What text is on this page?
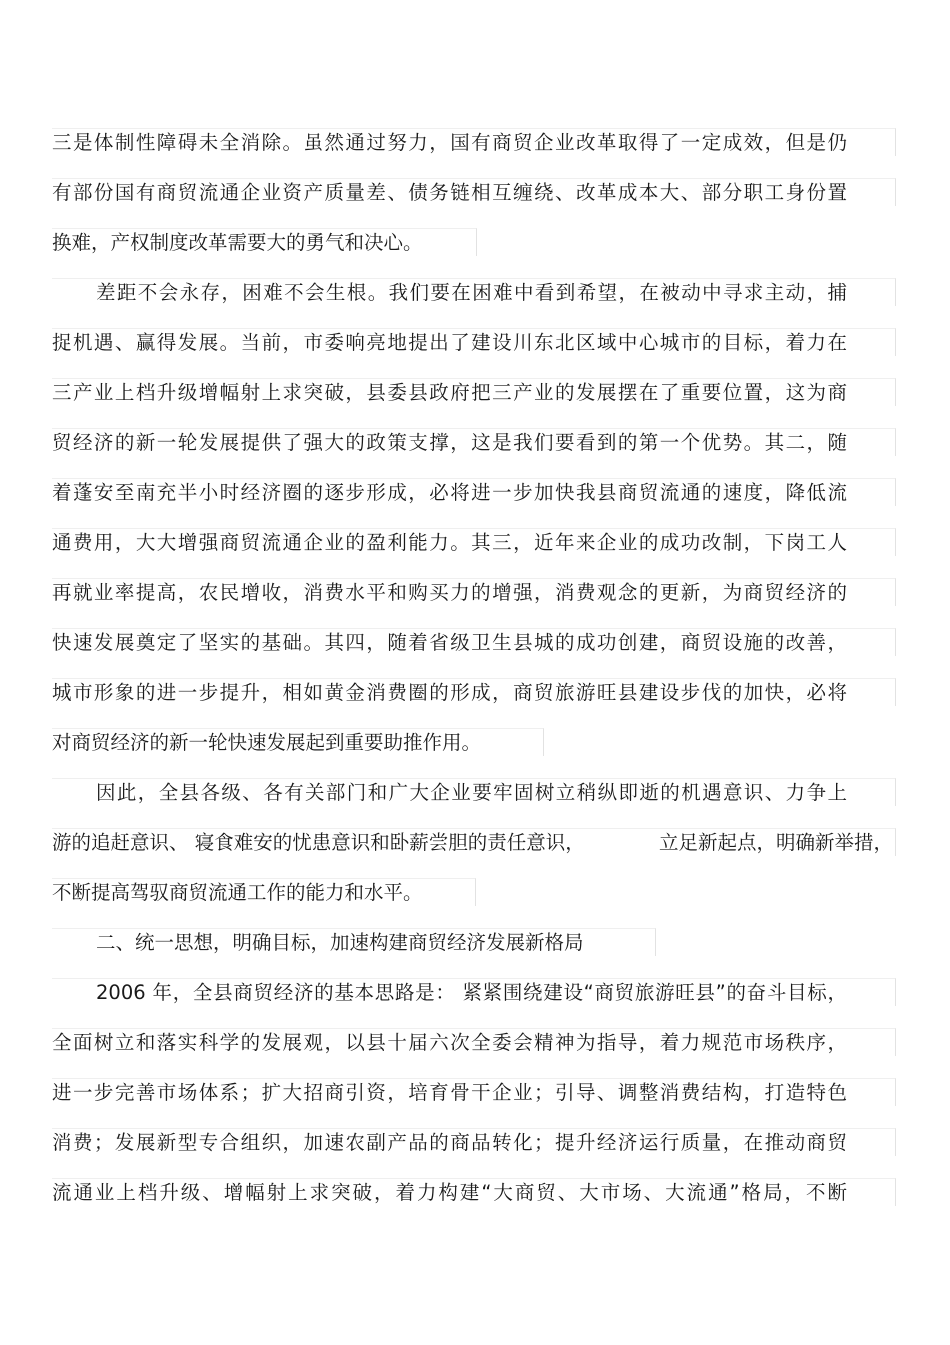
三是体制性障碍未全消除。虽然通过努力，国有商贸企业改革取得了一定成效，但是仍
有部份国有商贸流通企业资产质量差、债务链相互缠绕、改革成本大、部分职工身份置
换难，产权制度改革需要大的勇气和决心。
差距不会永存，困难不会生根。我们要在困难中看到希望，在被动中寻求主动，捕
捉机遇、赢得发展。当前，市委响亮地提出了建设川东北区域中心城市的目标，着力在
三产业上档升级增幅射上求突破，县委县政府把三产业的发展摆在了重要位置，这为商
贸经济的新一轮发展提供了强大的政策支撑，这是我们要看到的第一个优势。其二，随
着蓬安至南充半小时经济圈的逐步形成，必将进一步加快我县商贸流通的速度，降低流
通费用，大大增强商贸流通企业的盈利能力。其三，近年来企业的成功改制，下岗工人
再就业率提高，农民增收，消费水平和购买力的增强，消费观念的更新，为商贸经济的
快速发展奠定了坚实的基础。其四，随着省级卫生县城的成功创建，商贸设施的改善，
城市形象的进一步提升，相如黄金消费圈的形成，商贸旅游旺县建设步伐的加快，必将
对商贸经济的新一轮快速发展起到重要助推作用。
因此，全县各级、各有关部门和广大企业要牢固树立稍纵即逝的机遇意识、力争上
游的追赶意识、 寝食难安的忧患意识和卧薪尝胆的责任意识，	立足新起点，明确新举措，
不断提高驾驭商贸流通工作的能力和水平。
二、统一思想，明确目标，加速构建商贸经济发展新格局
2006 年，全县商贸经济的基本思路是： 紧紧围绕建设“商贸旅游旺县”的奋斗目标，
全面树立和落实科学的发展观，以县十届六次全委会精神为指导，着力规范市场秩序，
进一步完善市场体系；扩大招商引资，培育骨干企业；引导、调整消费结构，打造特色
消费；发展新型专合组织，加速农副产品的商品转化；提升经济运行质量，在推动商贸
流通业上档升级、增幅射上求突破，着力构建“大商贸、大市场、大流通”格局，不断
